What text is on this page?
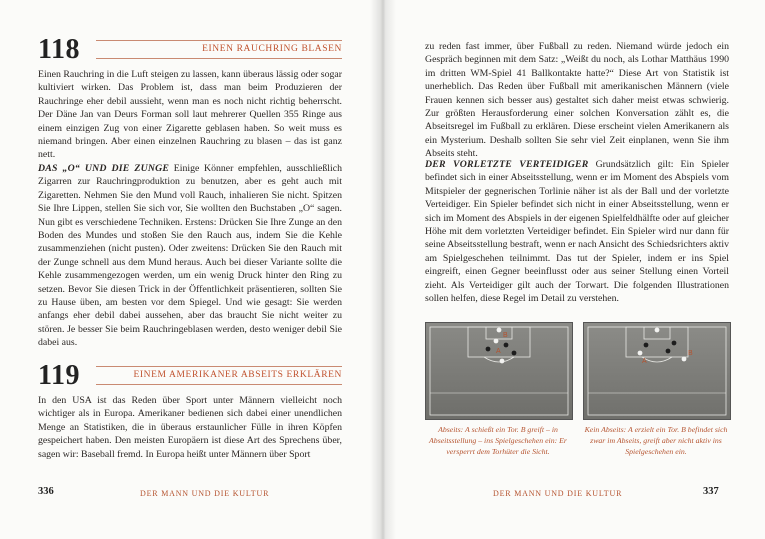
118	EINEN RAUCHRING BLASEN
Einen Rauchring in die Luft steigen zu lassen, kann überaus lässig oder sogar kultiviert wirken. Das Problem ist, dass man beim Produzieren der Rauchringe eher debil aussieht, wenn man es noch nicht richtig beherrscht. Der Däne Jan van Deurs Forman soll laut mehrerer Quellen 355 Ringe aus einem einzigen Zug von einer Zigarette geblasen haben. So weit muss es niemand bringen. Aber einen einzelnen Rauchring zu blasen – das ist ganz nett.
DAS „O“ UND DIE ZUNGE Einige Könner empfehlen, ausschließlich Zigarren zur Rauchringproduktion zu benutzen, aber es geht auch mit Zigaretten. Nehmen Sie den Mund voll Rauch, inhalieren Sie nicht. Spitzen Sie Ihre Lippen, stellen Sie sich vor, Sie wollten den Buchstaben „O“ sagen. Nun gibt es verschiedene Techniken. Erstens: Drücken Sie Ihre Zunge an den Boden des Mundes und stoßen Sie den Rauch aus, indem Sie die Kehle zusammenziehen (nicht pusten). Oder zweitens: Drücken Sie den Rauch mit der Zunge schnell aus dem Mund heraus. Auch bei dieser Variante sollte die Kehle zusammengezogen werden, um ein wenig Druck hinter den Ring zu setzen. Bevor Sie diesen Trick in der Öffentlichkeit präsentieren, sollten Sie zu Hause üben, am besten vor dem Spiegel. Und wie gesagt: Sie werden anfangs eher debil dabei aussehen, aber das braucht Sie nicht weiter zu stören. Je besser Sie beim Rauchringeblasen werden, desto weniger debil Sie dabei aus.
119	EINEM AMERIKANER ABSEITS ERKLÄREN
In den USA ist das Reden über Sport unter Männern vielleicht noch wichtiger als in Europa. Amerikaner bedienen sich dabei einer unendlichen Menge an Statistiken, die in überaus erstaunlicher Fülle in ihren Köpfen gespeichert haben. Den meisten Europäern ist diese Art des Sprechens über, sagen wir: Baseball fremd. In Europa heißt unter Männern über Sport
336	DER MANN UND DIE KULTUR
zu reden fast immer, über Fußball zu reden. Niemand würde jedoch ein Gespräch beginnen mit dem Satz: „Weißt du noch, als Lothar Matthäus 1990 im dritten WM-Spiel 41 Ballkontakte hatte?“ Diese Art von Statistik ist unerheblich. Das Reden über Fußball mit amerikanischen Männern (viele Frauen kennen sich besser aus) gestaltet sich daher meist etwas schwierig. Zur größten Herausforderung einer solchen Konversation zählt es, die Abseitsregel im Fußball zu erklären. Diese erscheint vielen Amerikanern als ein Mysterium. Deshalb sollten Sie sehr viel Zeit einplanen, wenn Sie ihm Abseits steht.
DER VORLETZTE VERTEIDIGER Grundsätzlich gilt: Ein Spieler befindet sich in einer Abseitsstellung, wenn er im Moment des Abspiels vom Mitspieler der gegnerischen Torlinie näher ist als der Ball und der vorletzte Verteidiger. Ein Spieler befindet sich nicht in einer Abseitsstellung, wenn er sich im Moment des Abspiels in der eigenen Spielfeldhälfte oder auf gleicher Höhe mit dem vorletzten Verteidiger befindet. Ein Spieler wird nur dann für seine Abseitsstellung bestraft, wenn er nach Ansicht des Schiedsrichters aktiv am Spielgeschehen teilnimmt. Das tut der Spieler, indem er ins Spiel eingreift, einen Gegner beeinflusst oder aus seiner Stellung einen Vorteil zieht. Als Verteidiger gilt auch der Torwart. Die folgenden Illustrationen sollen helfen, diese Regel im Detail zu verstehen.
A
B
A
B
Abseits: A schießt ein Tor. B greift – in Abseitsstellung – ins Spielgeschehen ein: Er versperrt dem Torhüter die Sicht.
Kein Abseits: A erzielt ein Tor. B befindet sich zwar im Abseits, greift aber nicht aktiv ins Spielgeschehen ein.
DER MANN UND DIE KULTUR	337
